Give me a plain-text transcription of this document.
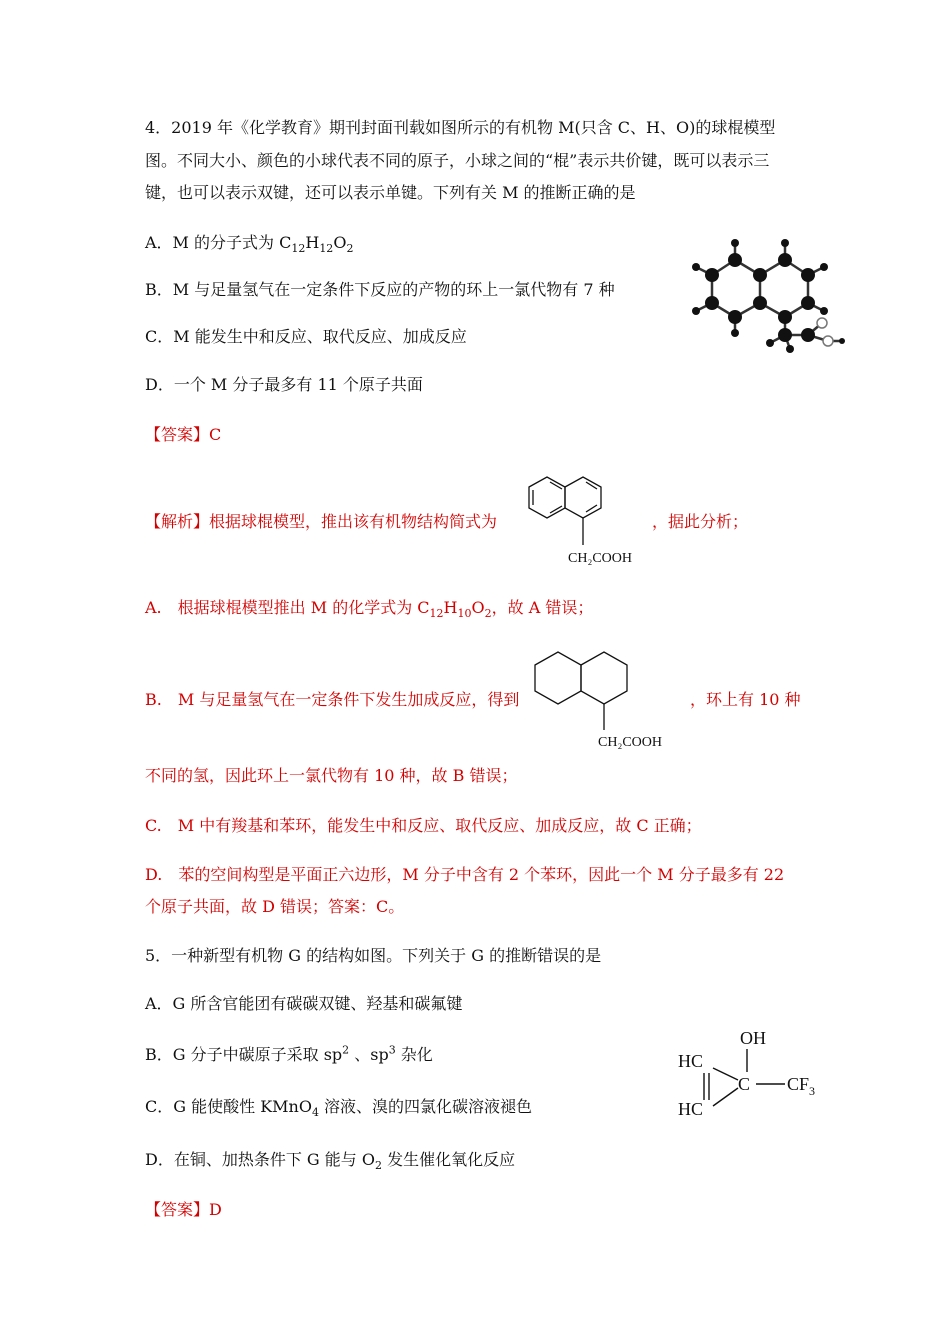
4．2019 年《化学教育》期刊封面刊载如图所示的有机物 M(只含 C、H、O)的球棍模型
图。不同大小、颜色的小球代表不同的原子，小球之间的“棍”表示共价键，既可以表示三
键，也可以表示双键，还可以表示单键。下列有关 M 的推断正确的是
A．M 的分子式为 $C_{12}H_{12}O_2$
B．M 与足量氢气在一定条件下反应的产物的环上一氯代物有 7 种
C．M 能发生中和反应、取代反应、加成反应
D．一个 M 分子最多有 11 个原子共面
【答案】C
【解析】根据球棍模型，推出该有机物结构简式为
CH₂COOH
，据此分析；
A.　根据球棍模型推出 M 的化学式为 $C_{12}H_{10}O_2$，故 A 错误；
B.　M 与足量氢气在一定条件下发生加成反应，得到
CH₂COOH
，环上有 10 种
不同的氢，因此环上一氯代物有 10 种，故 B 错误；
C.　M 中有羧基和苯环，能发生中和反应、取代反应、加成反应，故 C 正确；
D.　苯的空间构型是平面正六边形，M 分子中含有 2 个苯环，因此一个 M 分子最多有 22
个原子共面，故 D 错误；答案：C。
5．一种新型有机物 G 的结构如图。下列关于 G 的推断错误的是
A．G 所含官能团有碳碳双键、羟基和碳氟键
B．G 分子中碳原子采取 $sp^2$ 、$sp^3$ 杂化
C．G 能使酸性 KMnO$_4$ 溶液、溴的四氯化碳溶液褪色
D．在铜、加热条件下 G 能与 $O_2$ 发生催化氧化反应
OH
HC
HC
C $CF_3$
【答案】D
